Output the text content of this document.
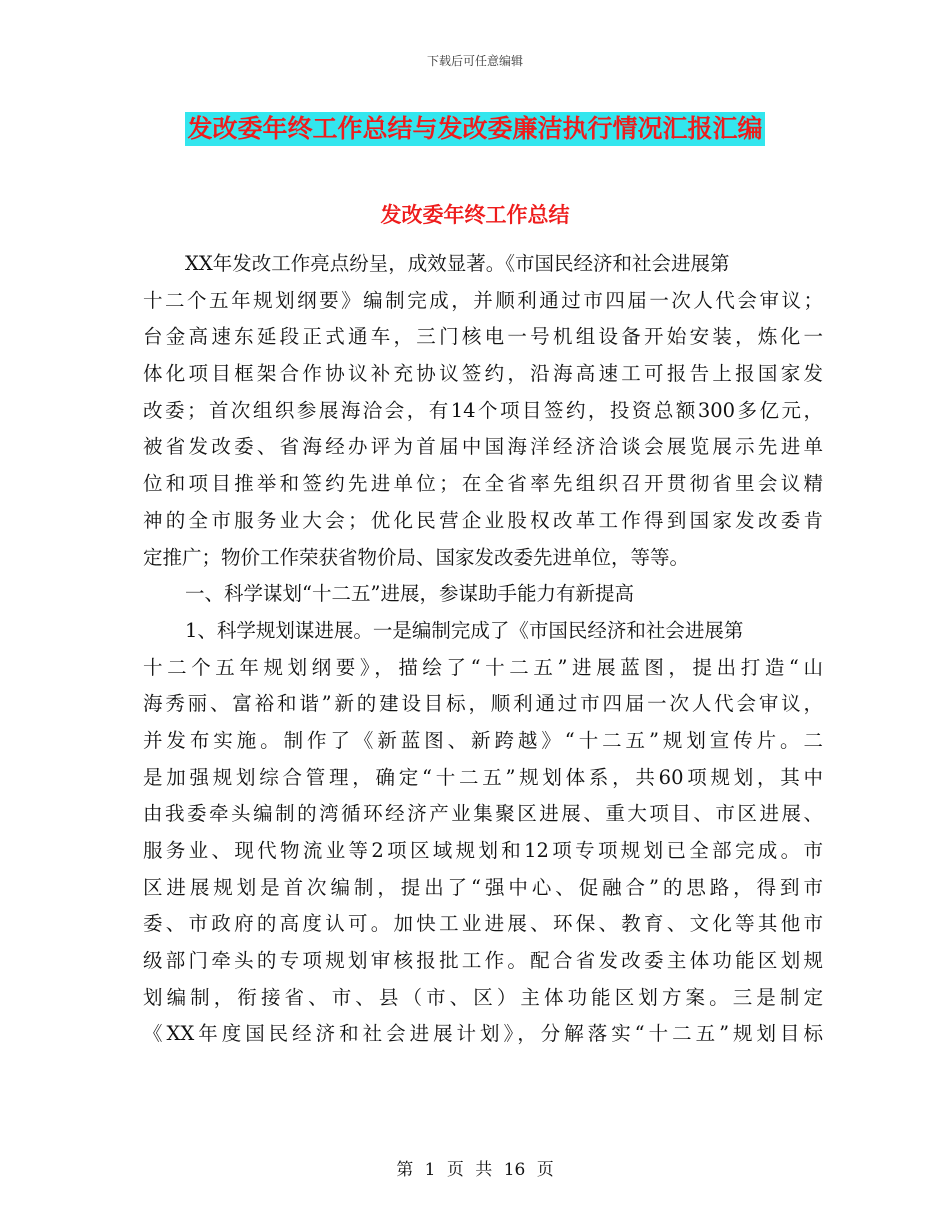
下载后可任意编辑
发改委年终工作总结与发改委廉洁执行情况汇报汇编
发改委年终工作总结
XX年发改工作亮点纷呈，成效显著。《市国民经济和社会进展第
十二个五年规划纲要》编制完成，并顺利通过市四届一次人代会审议；
台金高速东延段正式通车，三门核电一号机组设备开始安装，炼化一
体化项目框架合作协议补充协议签约，沿海高速工可报告上报国家发
改委；首次组织参展海洽会，有14个项目签约，投资总额300多亿元，
被省发改委、省海经办评为首届中国海洋经济洽谈会展览展示先进单
位和项目推举和签约先进单位；在全省率先组织召开贯彻省里会议精
神的全市服务业大会；优化民营企业股权改革工作得到国家发改委肯
定推广；物价工作荣获省物价局、国家发改委先进单位，等等。
一、科学谋划“十二五”进展，参谋助手能力有新提高
1、科学规划谋进展。一是编制完成了《市国民经济和社会进展第
十二个五年规划纲要》，描绘了“十二五”进展蓝图，提出打造“山
海秀丽、富裕和谐”新的建设目标，顺利通过市四届一次人代会审议，
并发布实施。制作了《新蓝图、新跨越》“十二五”规划宣传片。二
是加强规划综合管理，确定“十二五”规划体系，共60项规划，其中
由我委牵头编制的湾循环经济产业集聚区进展、重大项目、市区进展、
服务业、现代物流业等2项区域规划和12项专项规划已全部完成。市
区进展规划是首次编制，提出了“强中心、促融合”的思路，得到市
委、市政府的高度认可。加快工业进展、环保、教育、文化等其他市
级部门牵头的专项规划审核报批工作。配合省发改委主体功能区划规
划编制，衔接省、市、县（市、区）主体功能区划方案。三是制定
《XX年度国民经济和社会进展计划》，分解落实“十二五”规划目标
第 1 页 共 16 页
